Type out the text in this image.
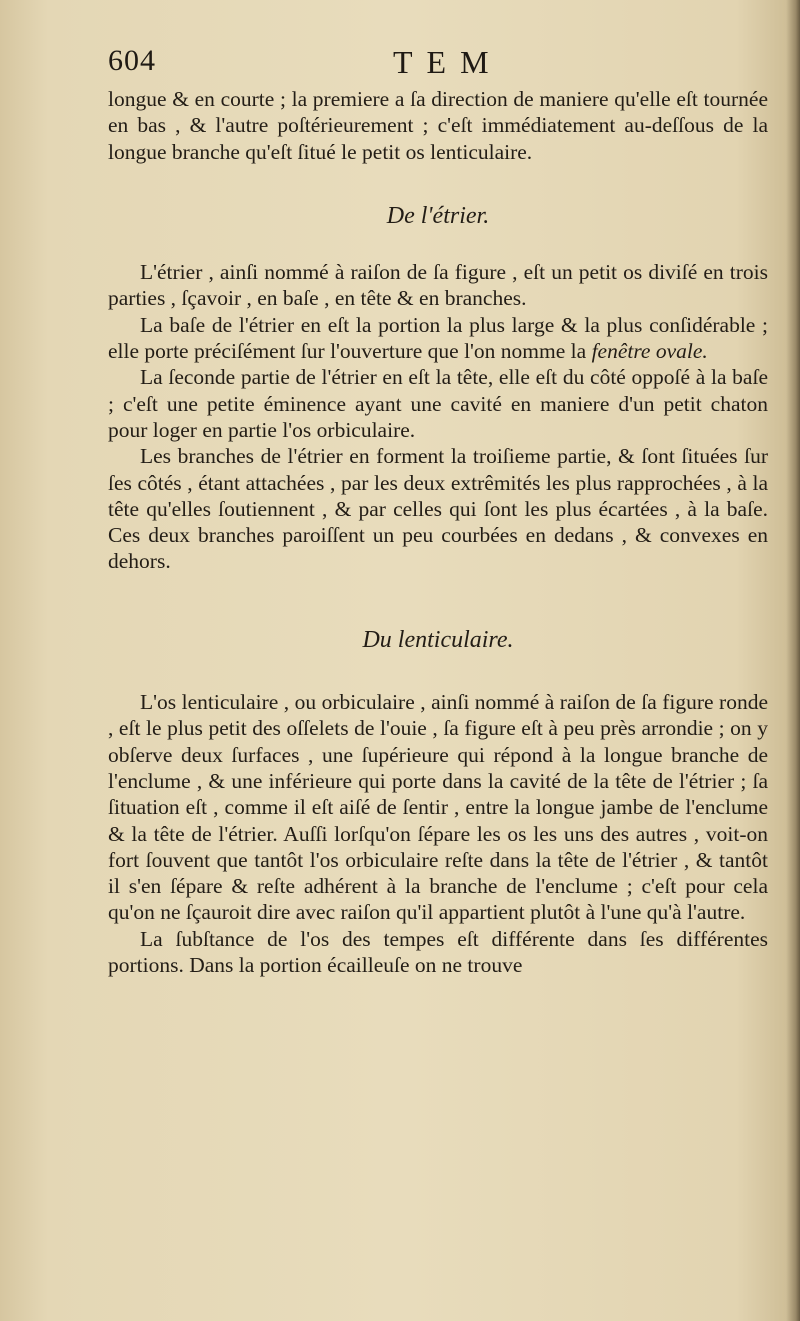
604	TEM

longue & en courte ; la premiere a ſa direction de maniere qu'elle eſt tournée en bas , & l'autre poſtérieurement ; c'eſt immédiatement au-deſſous de la longue branche qu'eſt ſitué le petit os lenticulaire.

De l'étrier.

L'étrier , ainſi nommé à raiſon de ſa figure , eſt un petit os diviſé en trois parties , ſçavoir , en baſe , en tête & en branches.

La baſe de l'étrier en eſt la portion la plus large & la plus conſidérable ; elle porte préciſément ſur l'ouverture que l'on nomme la fenêtre ovale.

La ſeconde partie de l'étrier en eſt la tête, elle eſt du côté oppoſé à la baſe ; c'eſt une petite éminence ayant une cavité en maniere d'un petit chaton pour loger en partie l'os orbiculaire.

Les branches de l'étrier en forment la troiſieme partie, & ſont ſituées ſur ſes côtés , étant attachées , par les deux extrêmités les plus rapprochées , à la tête qu'elles ſoutiennent , & par celles qui ſont les plus écartées , à la baſe. Ces deux branches paroiſſent un peu courbées en dedans , & convexes en dehors.

Du lenticulaire.

L'os lenticulaire , ou orbiculaire , ainſi nommé à raiſon de ſa figure ronde , eſt le plus petit des oſſelets de l'ouie , ſa figure eſt à peu près arrondie ; on y obſerve deux ſurfaces , une ſupérieure qui répond à la longue branche de l'enclume , & une inférieure qui porte dans la cavité de la tête de l'étrier ; ſa ſituation eſt , comme il eſt aiſé de ſentir , entre la longue jambe de l'enclume & la tête de l'étrier. Auſſi lorſqu'on ſépare les os les uns des autres , voit-on fort ſouvent que tantôt l'os orbiculaire reſte dans la tête de l'étrier , & tantôt il s'en ſépare & reſte adhérent à la branche de l'enclume ; c'eſt pour cela qu'on ne ſçauroit dire avec raiſon qu'il appartient plutôt à l'une qu'à l'autre.

La ſubſtance de l'os des tempes eſt différente dans ſes différentes portions. Dans la portion écailleuſe on ne trouve
